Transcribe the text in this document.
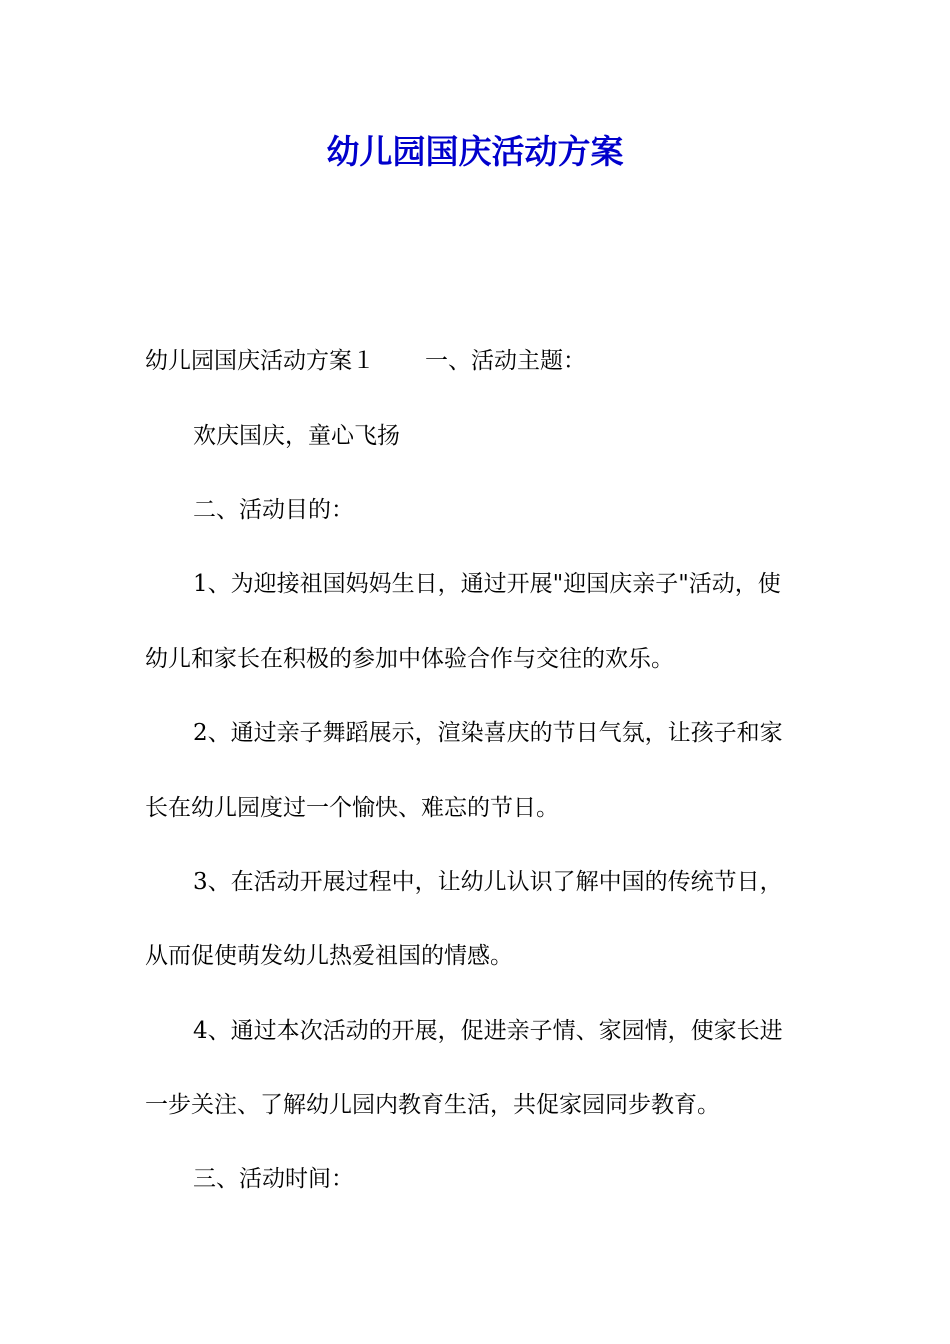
幼儿园国庆活动方案

幼儿园国庆活动方案１ 一、活动主题：

欢庆国庆，童心飞扬

二、活动目的：

1、为迎接祖国妈妈生日，通过开展"迎国庆亲子"活动，使

幼儿和家长在积极的参加中体验合作与交往的欢乐。

2、通过亲子舞蹈展示，渲染喜庆的节日气氛，让孩子和家

长在幼儿园度过一个愉快、难忘的节日。

3、在活动开展过程中，让幼儿认识了解中国的传统节日，

从而促使萌发幼儿热爱祖国的情感。

4、通过本次活动的开展，促进亲子情、家园情，使家长进

一步关注、了解幼儿园内教育生活，共促家园同步教育。

三、活动时间：
